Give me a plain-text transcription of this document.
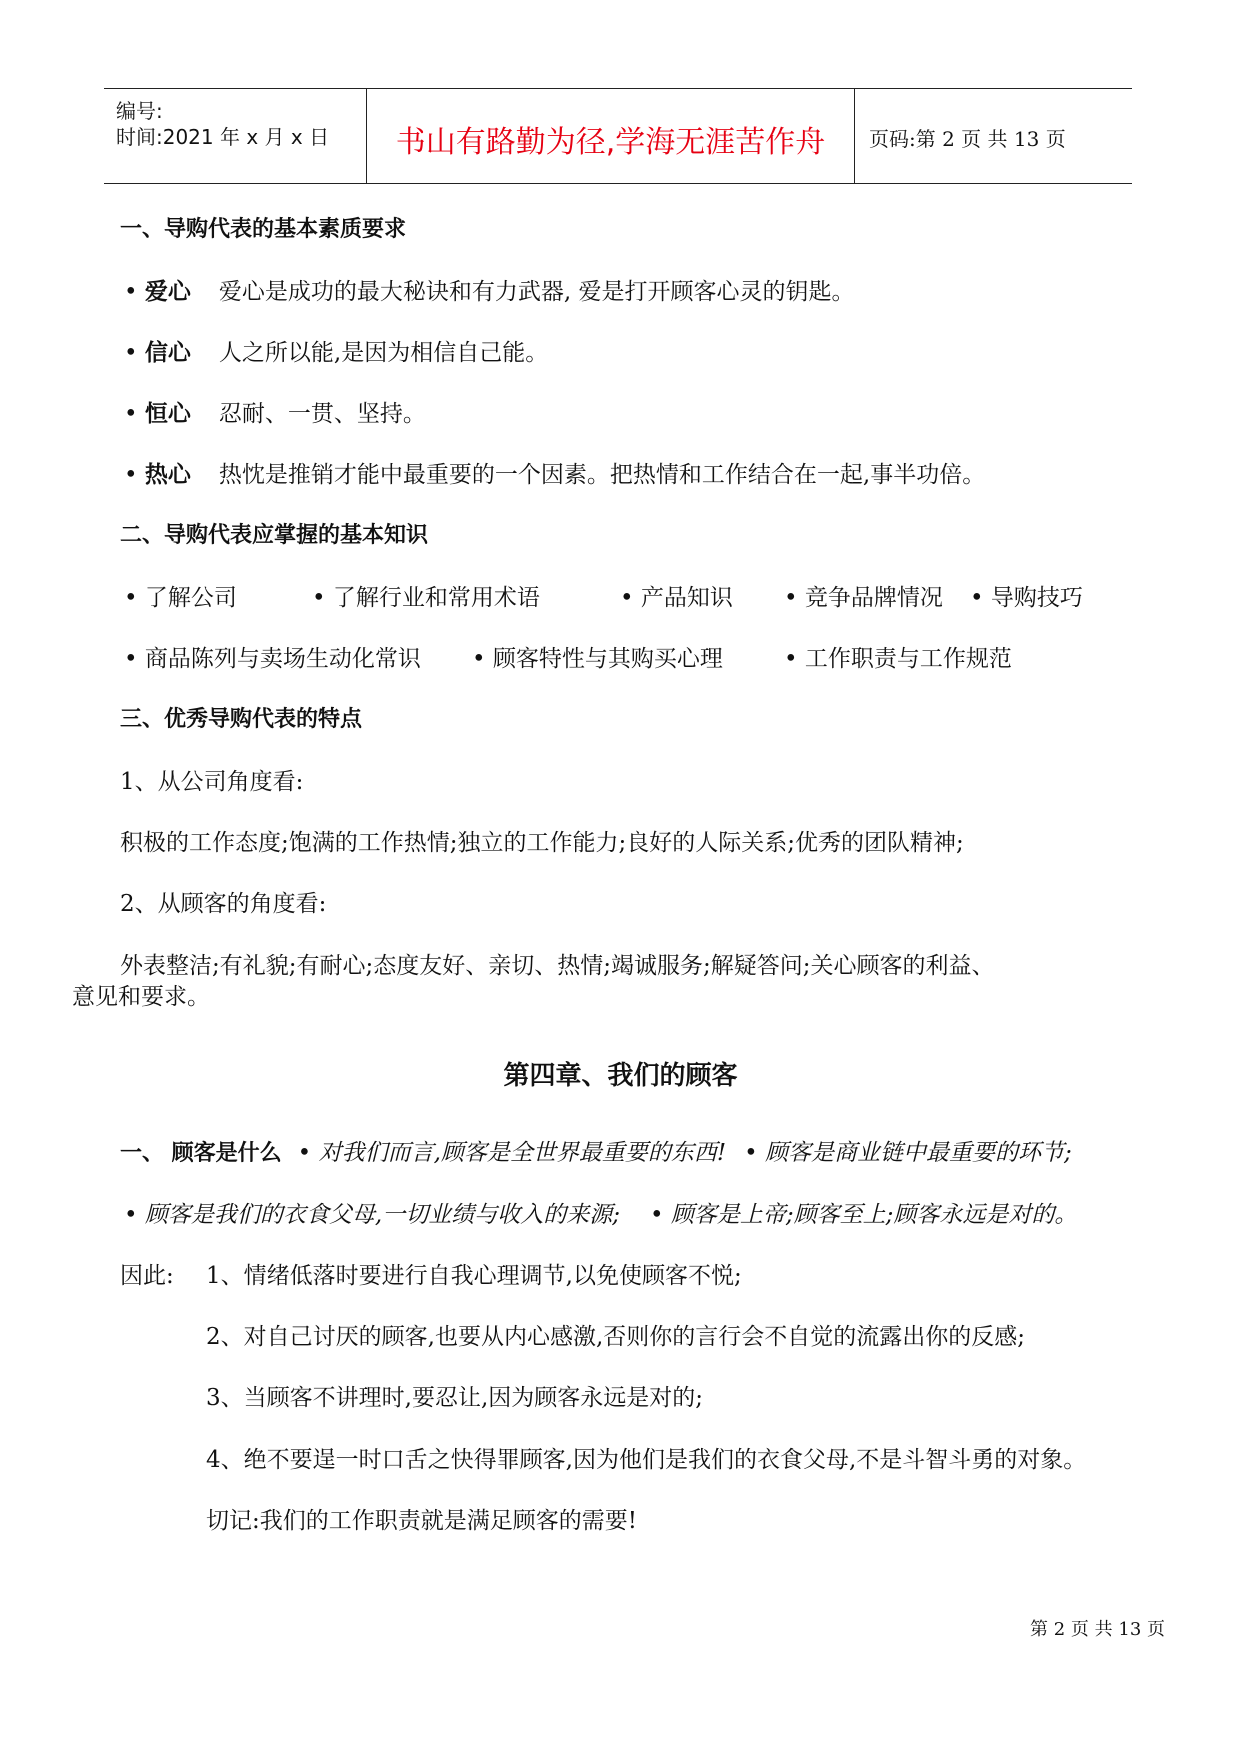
编号:
时间:2021 年 x 月 x 日	书山有路勤为径,学海无涯苦作舟	页码:第 2 页 共 13 页
一、导购代表的基本素质要求
• 爱心 爱心是成功的最大秘诀和有力武器, 爱是打开顾客心灵的钥匙。
• 信心 人之所以能,是因为相信自己能。
• 恒心 忍耐、一贯、坚持。
• 热心 热忱是推销才能中最重要的一个因素。把热情和工作结合在一起,事半功倍。
二、导购代表应掌握的基本知识
• 了解公司	• 了解行业和常用术语	• 产品知识 • 竞争品牌情况 • 导购技巧
• 商品陈列与卖场生动化常识 • 顾客特性与其购买心理	• 工作职责与工作规范
三、优秀导购代表的特点
1、从公司角度看:
积极的工作态度;饱满的工作热情;独立的工作能力;良好的人际关系;优秀的团队精神;
2、从顾客的角度看:
外表整洁;有礼貌;有耐心;态度友好、亲切、热情;竭诚服务;解疑答问;关心顾客的利益、
意见和要求。
第四章、我们的顾客
一、 顾客是什么 • 对我们而言,顾客是全世界最重要的东西! • 顾客是商业链中最重要的环节;
• 顾客是我们的衣食父母,一切业绩与收入的来源; • 顾客是上帝;顾客至上;顾客永远是对的。
因此: 1、情绪低落时要进行自我心理调节,以免使顾客不悦;
2、对自己讨厌的顾客,也要从内心感激,否则你的言行会不自觉的流露出你的反感;
3、当顾客不讲理时,要忍让,因为顾客永远是对的;
4、绝不要逞一时口舌之快得罪顾客,因为他们是我们的衣食父母,不是斗智斗勇的对象。
切记:我们的工作职责就是满足顾客的需要!
第 2 页 共 13 页
